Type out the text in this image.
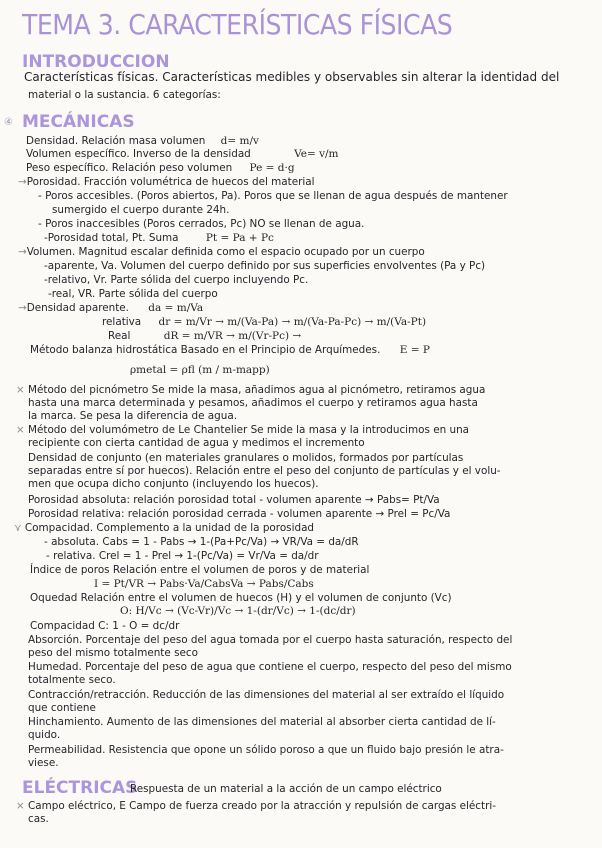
TEMA 3. CARACTERÍSTICAS FÍSICAS
INTRODUCCION
Características físicas. Características medibles y observables sin alterar la identidad del
material o la sustancia. 6 categorías:
④ MECÁNICAS
Densidad. Relación masa volumen d= m/v
Volumen específico. Inverso de la densidad	Ve= v/m
Peso específico. Relación peso volumen Pe = d·g
→Porosidad. Fracción volumétrica de huecos del material
- Poros accesibles. (Poros abiertos, Pa). Poros que se llenan de agua después de mantener
sumergido el cuerpo durante 24h.
- Poros inaccesibles (Poros cerrados, Pc) NO se llenan de agua.
-Porosidad total, Pt. Suma	Pt = Pa + Pc
→Volumen. Magnitud escalar definida como el espacio ocupado por un cuerpo
-aparente, Va. Volumen del cuerpo definido por sus superficies envolventes (Pa y Pc)
-relativo, Vr. Parte sólida del cuerpo incluyendo Pc.
-real, VR. Parte sólida del cuerpo
→Densidad aparente. da = m/Va
relativa dr = m/Vr → m/(Va-Pa) → m/(Va-Pa-Pc) → m/(Va-Pt)
Real	dR = m/VR → m/(Vr-Pc) →
Método balanza hidrostática Basado en el Principio de Arquímedes. E = P
ρmetal = ρfl (m / m-mapp)
× Método del picnómetro Se mide la masa, añadimos agua al picnómetro, retiramos agua
hasta una marca determinada y pesamos, añadimos el cuerpo y retiramos agua hasta
la marca. Se pesa la diferencia de agua.
× Método del volumómetro de Le Chantelier Se mide la masa y la introducimos en una
recipiente con cierta cantidad de agua y medimos el incremento
Densidad de conjunto (en materiales granulares o molidos, formados por partículas
separadas entre sí por huecos). Relación entre el peso del conjunto de partículas y el volu-
men que ocupa dicho conjunto (incluyendo los huecos).
Porosidad absoluta: relación porosidad total - volumen aparente → Pabs= Pt/Va
Porosidad relativa: relación porosidad cerrada - volumen aparente → Prel = Pc/Va
⋎ Compacidad. Complemento a la unidad de la porosidad
- absoluta. Cabs = 1 - Pabs → 1-(Pa+Pc/Va) → VR/Va = da/dR
- relativa. Crel = 1 - Prel → 1-(Pc/Va) = Vr/Va = da/dr
Índice de poros Relación entre el volumen de poros y de material
I = Pt/VR → Pabs·Va/CabsVa → Pabs/Cabs
Oquedad Relación entre el volumen de huecos (H) y el volumen de conjunto (Vc)
O: H/Vc → (Vc-Vr)/Vc → 1-(dr/Vc) → 1-(dc/dr)
Compacidad C: 1 - O = dc/dr
Absorción. Porcentaje del peso del agua tomada por el cuerpo hasta saturación, respecto del
peso del mismo totalmente seco
Humedad. Porcentaje del peso de agua que contiene el cuerpo, respecto del peso del mismo
totalmente seco.
Contracción/retracción. Reducción de las dimensiones del material al ser extraído el líquido
que contiene
Hinchamiento. Aumento de las dimensiones del material al absorber cierta cantidad de lí-
quido.
Permeabilidad. Resistencia que opone un sólido poroso a que un fluido bajo presión le atra-
viese.
ELÉCTRICAS
Respuesta de un material a la acción de un campo eléctrico
× Campo eléctrico, E Campo de fuerza creado por la atracción y repulsión de cargas eléctri-
cas.
